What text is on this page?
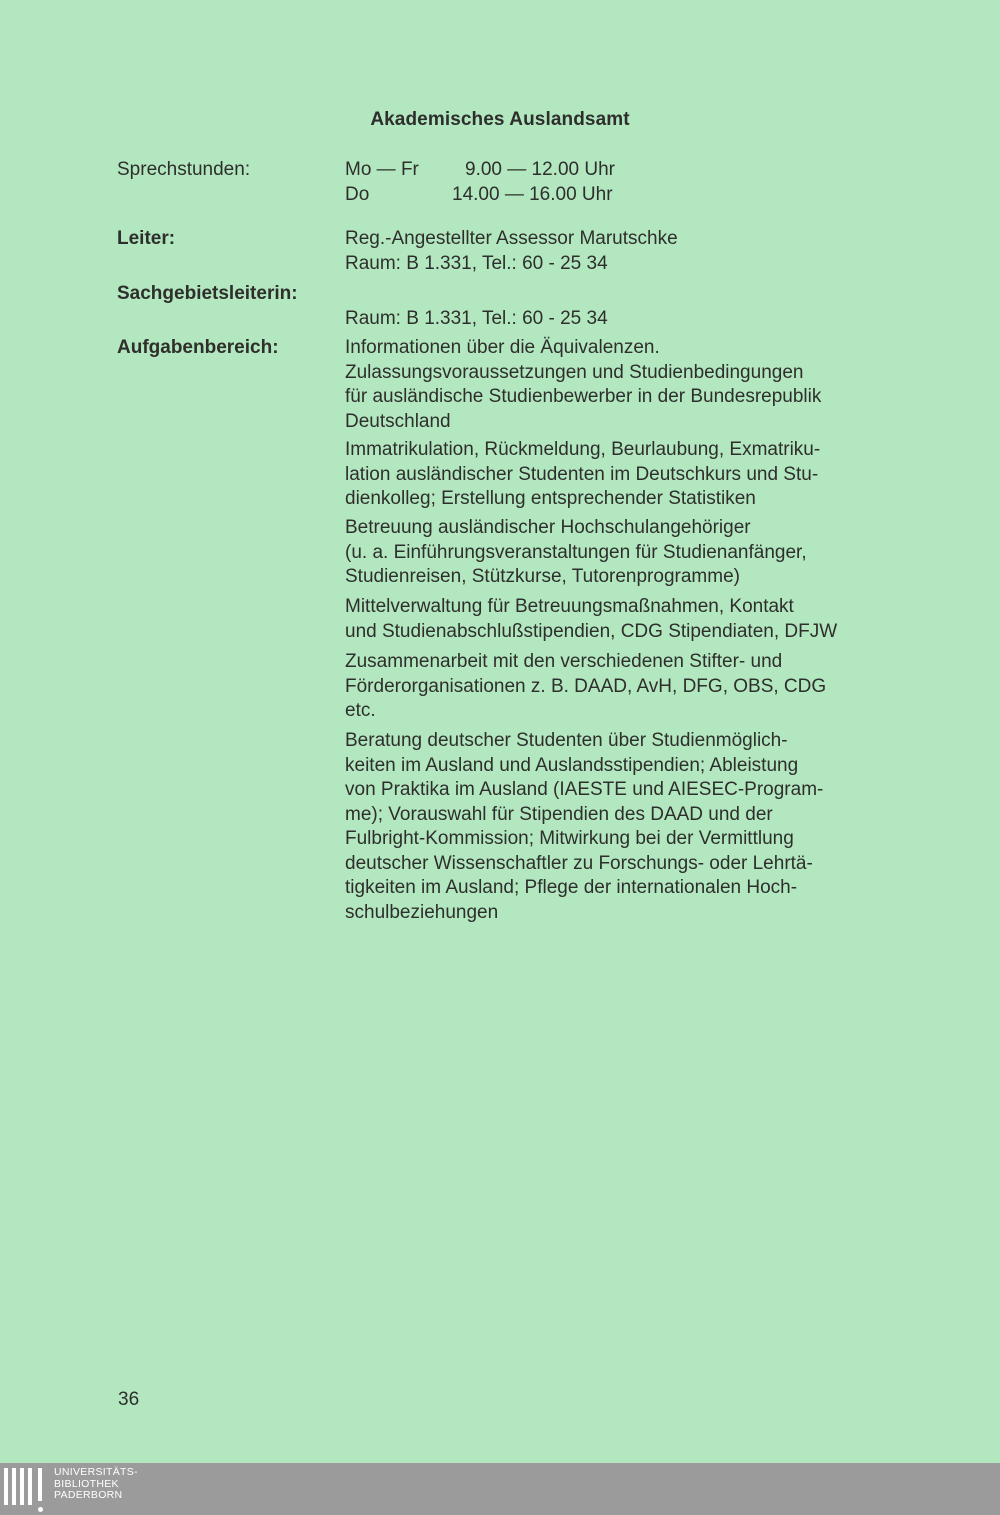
Akademisches Auslandsamt
Sprechstunden:	Mo — Fr 9.00 — 12.00 Uhr
Do	14.00 — 16.00 Uhr
Leiter:	Reg.-Angestellter Assessor Marutschke
Raum: B 1.331, Tel.: 60 - 25 34
Sachgebietsleiterin:
Raum: B 1.331, Tel.: 60 - 25 34
Aufgabenbereich:	Informationen über die Äquivalenzen.
Zulassungsvoraussetzungen und Studienbedingungen
für ausländische Studienbewerber in der Bundesrepublik
Deutschland
Immatrikulation, Rückmeldung, Beurlaubung, Exmatriku-
lation ausländischer Studenten im Deutschkurs und Stu-
dienkolleg; Erstellung entsprechender Statistiken
Betreuung ausländischer Hochschulangehöriger
(u. a. Einführungsveranstaltungen für Studienanfänger,
Studienreisen, Stützkurse, Tutorenprogramme)
Mittelverwaltung für Betreuungsmaßnahmen, Kontakt
und Studienabschlußstipendien, CDG Stipendiaten, DFJW
Zusammenarbeit mit den verschiedenen Stifter- und
Förderorganisationen z. B. DAAD, AvH, DFG, OBS, CDG
etc.
Beratung deutscher Studenten über Studienmöglich-
keiten im Ausland und Auslandsstipendien; Ableistung
von Praktika im Ausland (IAESTE und AIESEC-Program-
me); Vorauswahl für Stipendien des DAAD und der
Fulbright-Kommission; Mitwirkung bei der Vermittlung
deutscher Wissenschaftler zu Forschungs- oder Lehrtä-
tigkeiten im Ausland; Pflege der internationalen Hoch-
schulbeziehungen
36
UNIVERSITÄTS-
BIBLIOTHEK
PADERBORN
